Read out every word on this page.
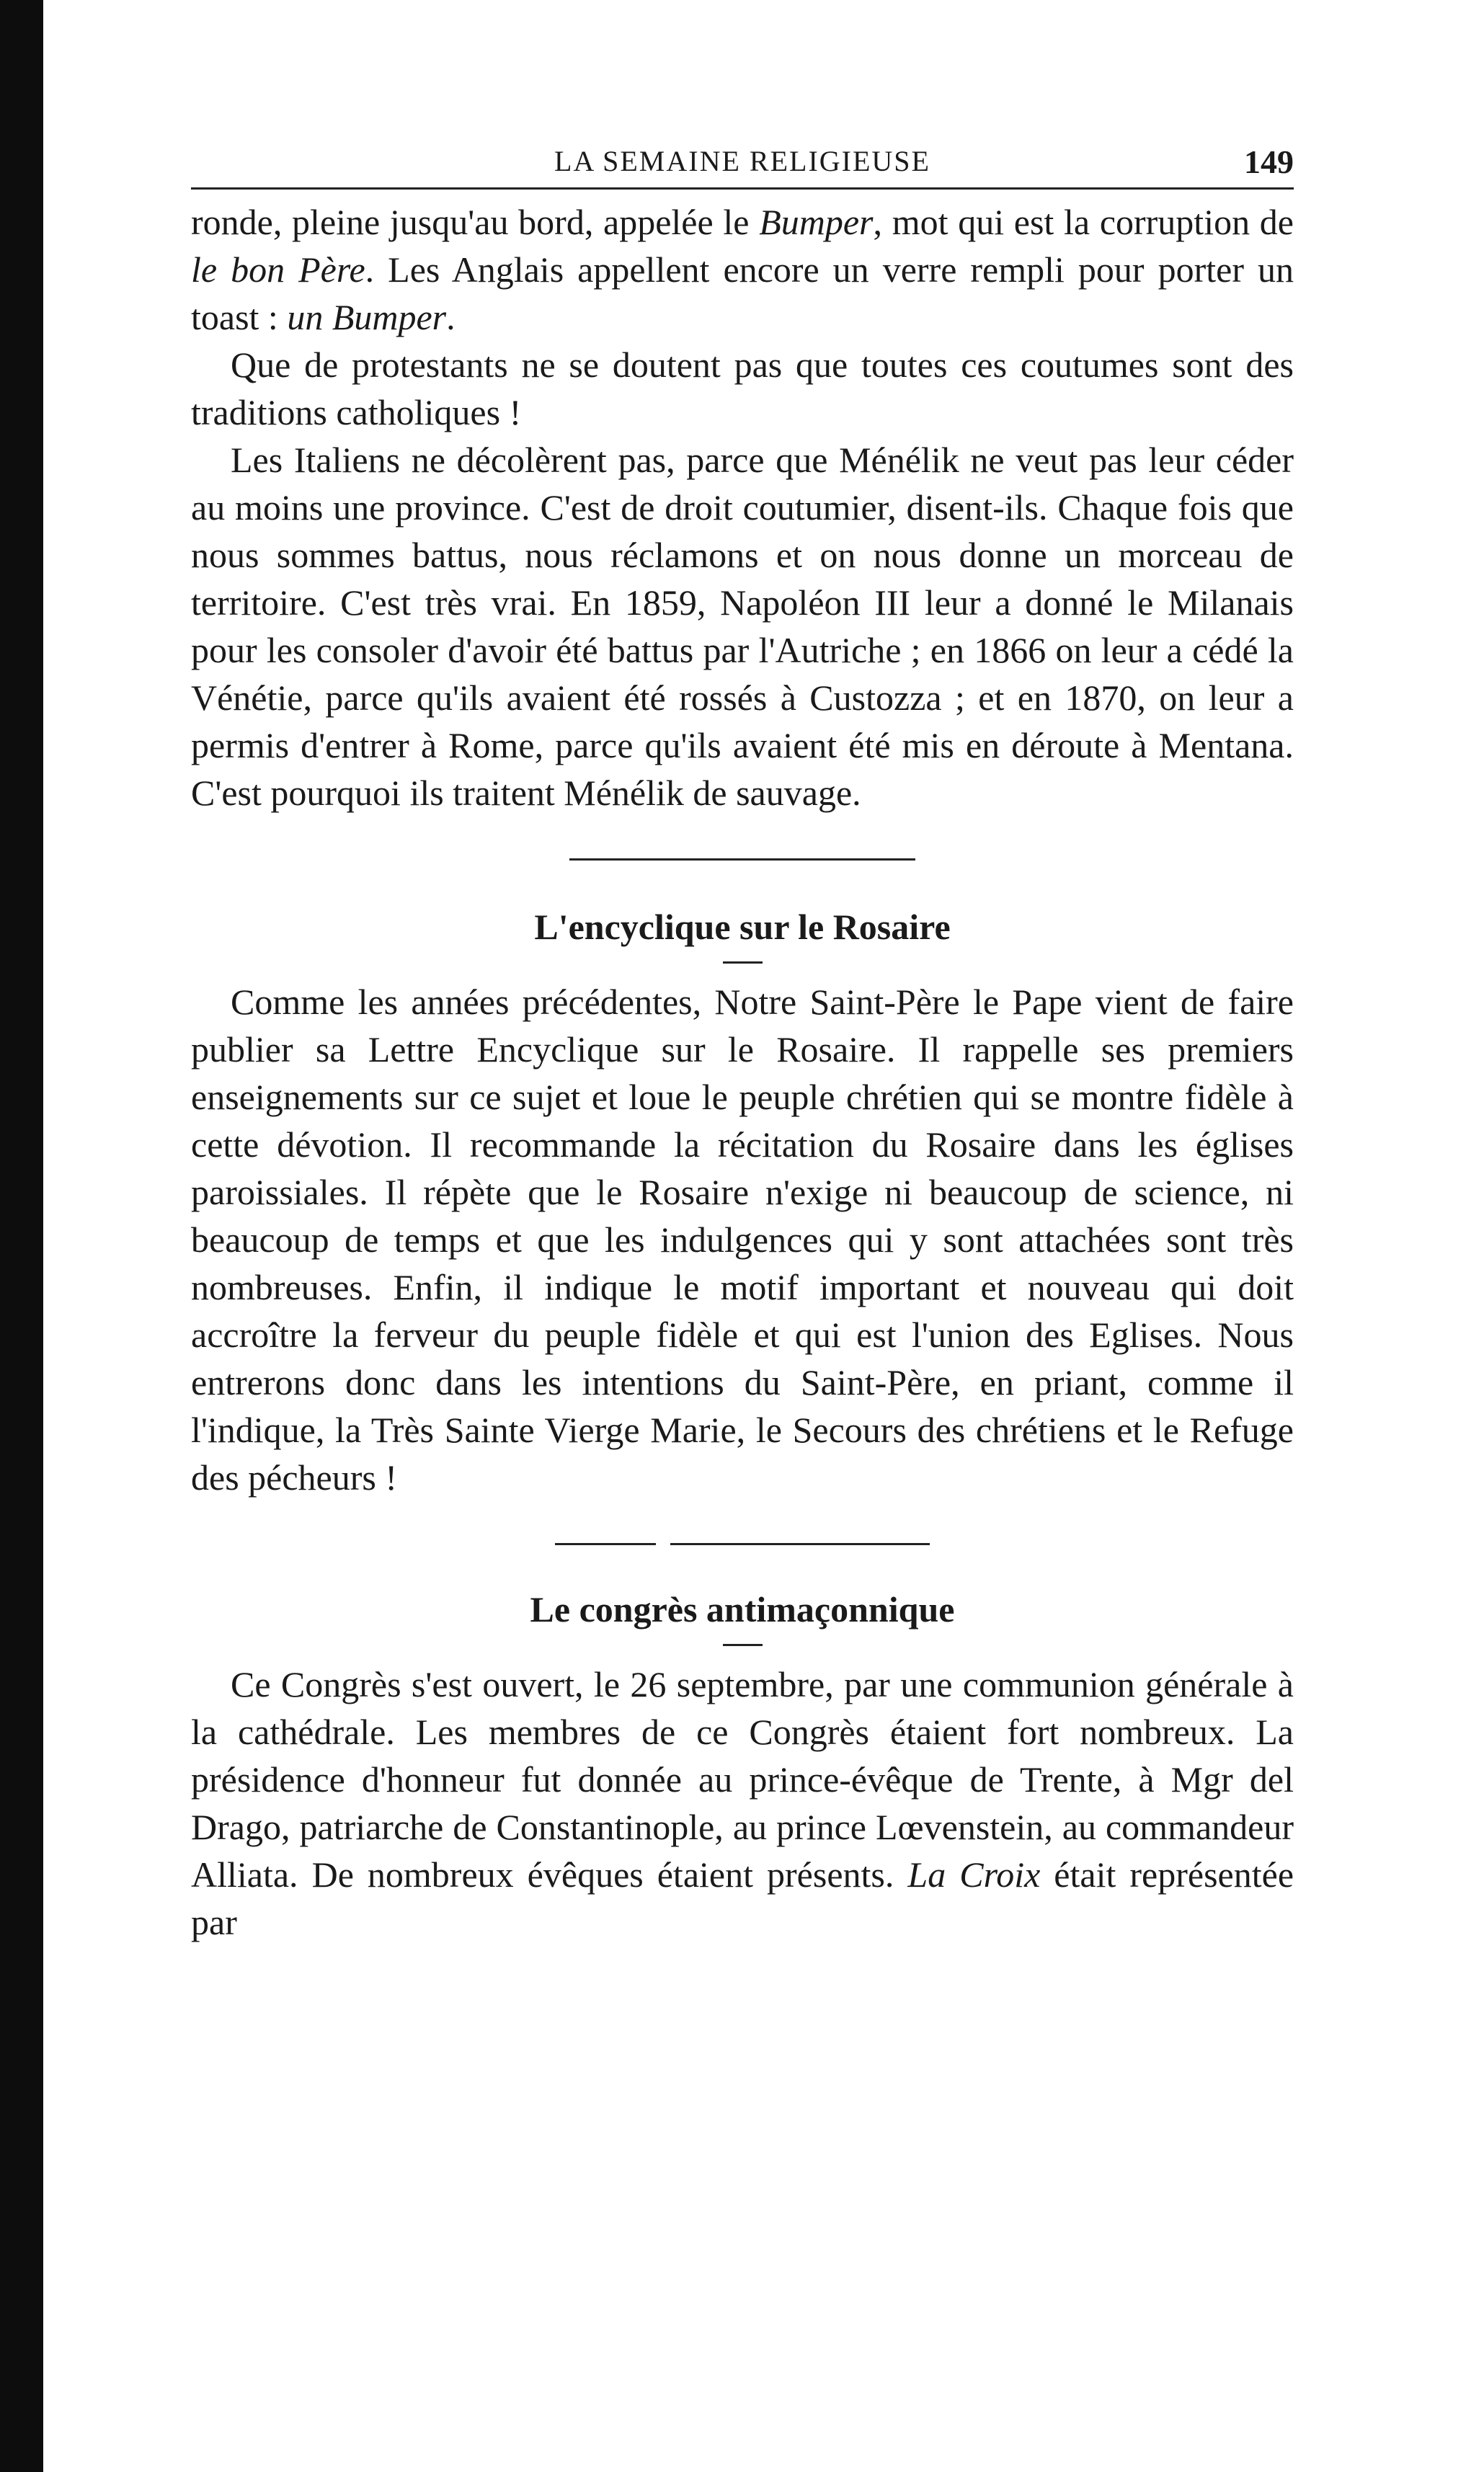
LA SEMAINE RELIGIEUSE	149

ronde, pleine jusqu'au bord, appelée le Bumper, mot qui est la corruption de le bon Père. Les Anglais appellent encore un verre rempli pour porter un toast : un Bumper.

Que de protestants ne se doutent pas que toutes ces coutumes sont des traditions catholiques !

Les Italiens ne décolèrent pas, parce que Ménélik ne veut pas leur céder au moins une province. C'est de droit coutumier, disent-ils. Chaque fois que nous sommes battus, nous réclamons et on nous donne un morceau de territoire. C'est très vrai. En 1859, Napoléon III leur a donné le Milanais pour les consoler d'avoir été battus par l'Autriche ; en 1866 on leur a cédé la Vénétie, parce qu'ils avaient été rossés à Custozza ; et en 1870, on leur a permis d'entrer à Rome, parce qu'ils avaient été mis en déroute à Mentana. C'est pourquoi ils traitent Ménélik de sauvage.

L'encyclique sur le Rosaire

Comme les années précédentes, Notre Saint-Père le Pape vient de faire publier sa Lettre Encyclique sur le Rosaire. Il rappelle ses premiers enseignements sur ce sujet et loue le peuple chrétien qui se montre fidèle à cette dévotion. Il recommande la récitation du Rosaire dans les églises paroissiales. Il répète que le Rosaire n'exige ni beaucoup de science, ni beaucoup de temps et que les indulgences qui y sont attachées sont très nombreuses. Enfin, il indique le motif important et nouveau qui doit accroître la ferveur du peuple fidèle et qui est l'union des Eglises. Nous entrerons donc dans les intentions du Saint-Père, en priant, comme il l'indique, la Très Sainte Vierge Marie, le Secours des chrétiens et le Refuge des pécheurs !

Le congrès antimaçonnique

Ce Congrès s'est ouvert, le 26 septembre, par une communion générale à la cathédrale. Les membres de ce Congrès étaient fort nombreux. La présidence d'honneur fut donnée au prince-évêque de Trente, à Mgr del Drago, patriarche de Constantinople, au prince Lœvenstein, au commandeur Alliata. De nombreux évêques étaient présents. La Croix était représentée par
